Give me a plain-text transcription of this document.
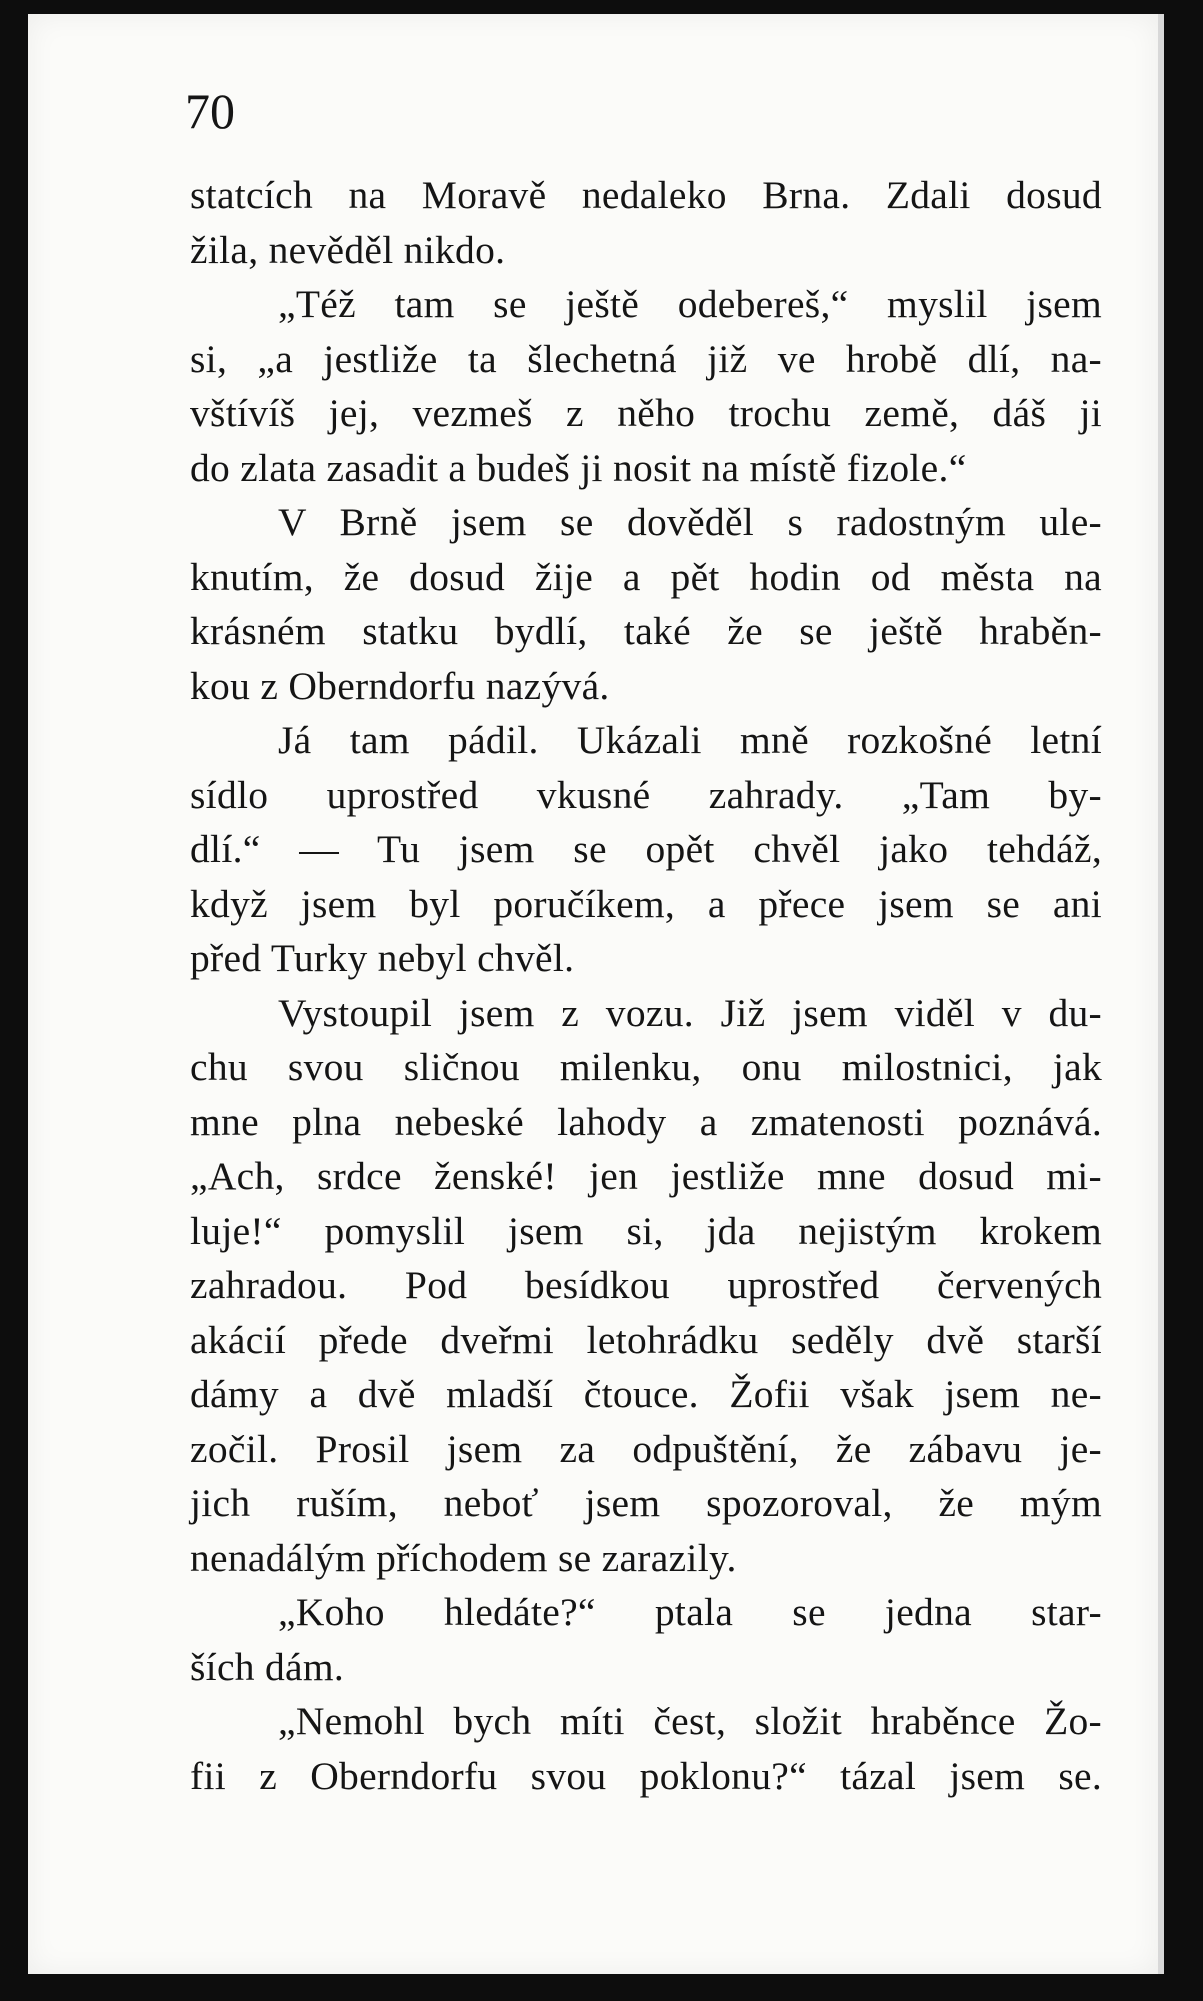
70
statcích na Moravě nedaleko Brna. Zdali dosud
žila, nevěděl nikdo.
„Též tam se ještě odebereš,“ myslil jsem
si, „a jestliže ta šlechetná již ve hrobě dlí, na-
vštívíš jej, vezmeš z něho trochu země, dáš ji
do zlata zasadit a budeš ji nosit na místě fizole.“
V Brně jsem se dověděl s radostným ule-
knutím, že dosud žije a pět hodin od města na
krásném statku bydlí, také že se ještě hraběn-
kou z Oberndorfu nazývá.
Já tam pádil. Ukázali mně rozkošné letní
sídlo uprostřed vkusné zahrady. „Tam by-
dlí.“ — Tu jsem se opět chvěl jako tehdáž,
když jsem byl poručíkem, a přece jsem se ani
před Turky nebyl chvěl.
Vystoupil jsem z vozu. Již jsem viděl v du-
chu svou sličnou milenku, onu milostnici, jak
mne plna nebeské lahody a zmatenosti poznává.
„Ach, srdce ženské! jen jestliže mne dosud mi-
luje!“ pomyslil jsem si, jda nejistým krokem
zahradou. Pod besídkou uprostřed červených
akácií přede dveřmi letohrádku seděly dvě starší
dámy a dvě mladší čtouce. Žofii však jsem ne-
zočil. Prosil jsem za odpuštění, že zábavu je-
jich ruším, neboť jsem spozoroval, že mým
nenadálým příchodem se zarazily.
„Koho hledáte?“ ptala se jedna star-
ších dám.
„Nemohl bych míti čest, složit hraběnce Žo-
fii z Oberndorfu svou poklonu?“ tázal jsem se.
